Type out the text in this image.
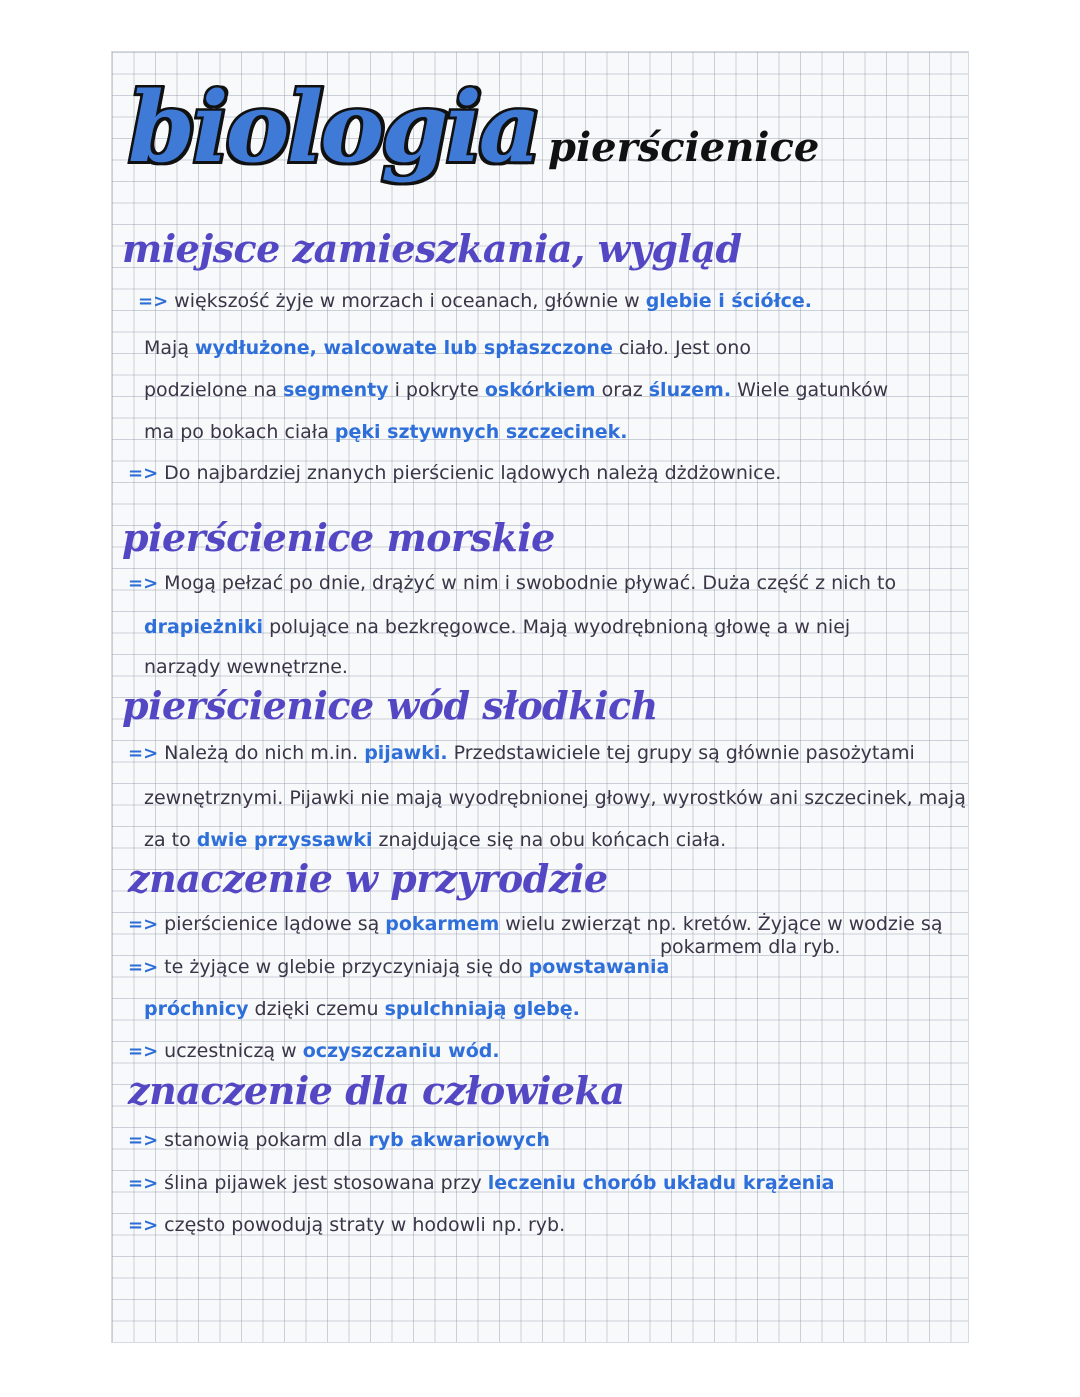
biologia pierścienice
miejsce zamieszkania, wygląd
=> większość żyje w morzach i oceanach, głównie w glebie i ściółce.
Mają wydłużone, walcowate lub spłaszczone ciało. Jest ono
podzielone na segmenty i pokryte oskórkiem oraz śluzem. Wiele gatunków
ma po bokach ciała pęki sztywnych szczecinek.
=> Do najbardziej znanych pierścienic lądowych należą dżdżownice.
pierścienice morskie
=> Mogą pełzać po dnie, drążyć w nim i swobodnie pływać. Duża część z nich to
drapieżniki polujące na bezkręgowce. Mają wyodrębnioną głowę a w niej
narządy wewnętrzne.
pierścienice wód słodkich
=> Należą do nich m.in. pijawki. Przedstawiciele tej grupy są głównie pasożytami
zewnętrznymi. Pijawki nie mają wyodrębnionej głowy, wyrostków ani szczecinek, mają
za to dwie przyssawki znajdujące się na obu końcach ciała.
znaczenie w przyrodzie
=> pierścienice lądowe są pokarmem wielu zwierząt np. kretów. Żyjące w wodzie są
pokarmem dla ryb.
=> te żyjące w glebie przyczyniają się do powstawania
próchnicy dzięki czemu spulchniają glebę.
=> uczestniczą w oczyszczaniu wód.
znaczenie dla człowieka
=> stanowią pokarm dla ryb akwariowych
=> ślina pijawek jest stosowana przy leczeniu chorób układu krążenia
=> często powodują straty w hodowli np. ryb.
